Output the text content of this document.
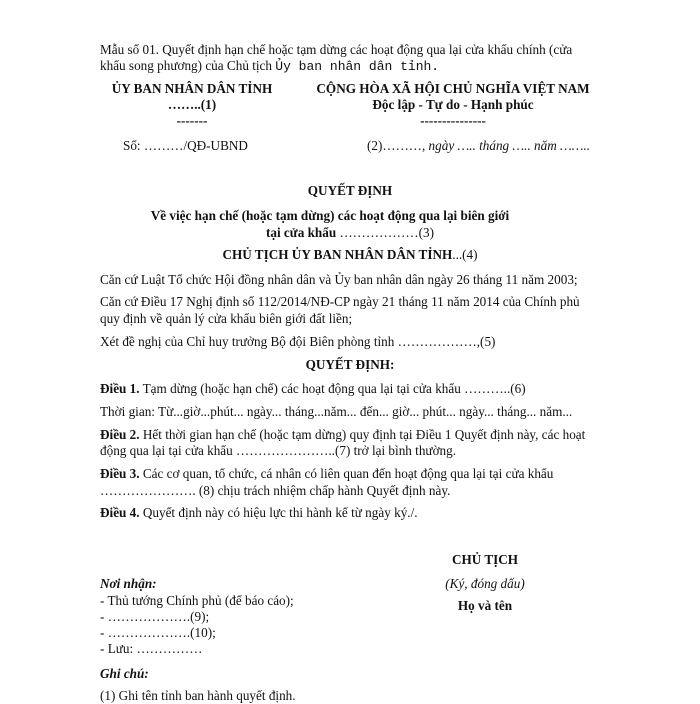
Mẫu số 01. Quyết định hạn chế hoặc tạm dừng các hoạt động qua lại cửa khẩu chính (cửa
khẩu song phương) của Chủ tịch Ủy ban nhân dân tỉnh.
ỦY BAN NHÂN DÂN TỈNH
……..(1)
-------
Số: ………/QĐ-UBND
CỘNG HÒA XÃ HỘI CHỦ NGHĨA VIỆT NAM
Độc lập - Tự do - Hạnh phúc
---------------
(2)………, ngày ….. tháng ….. năm ……..
QUYẾT ĐỊNH
Về việc hạn chế (hoặc tạm dừng) các hoạt động qua lại biên giới
tại cửa khẩu ………………(3)
CHỦ TỊCH ỦY BAN NHÂN DÂN TỈNH...(4)
Căn cứ Luật Tổ chức Hội đồng nhân dân và Ủy ban nhân dân ngày 26 tháng 11 năm 2003;
Căn cứ Điều 17 Nghị định số 112/2014/NĐ-CP ngày 21 tháng 11 năm 2014 của Chính phủ
quy định về quản lý cửa khẩu biên giới đất liền;
Xét đề nghị của Chỉ huy trưởng Bộ đội Biên phòng tỉnh ………………,(5)
QUYẾT ĐỊNH:
Điều 1. Tạm dừng (hoặc hạn chế) các hoạt động qua lại tại cửa khẩu ………..(6)
Thời gian: Từ...giờ...phút... ngày... tháng...năm... đến... giờ... phút... ngày... tháng... năm...
Điều 2. Hết thời gian hạn chế (hoặc tạm dừng) quy định tại Điều 1 Quyết định này, các hoạt
động qua lại tại cửa khẩu …………………..(7) trở lại bình thường.
Điều 3. Các cơ quan, tổ chức, cá nhân có liên quan đến hoạt động qua lại tại cửa khẩu
…………………. (8) chịu trách nhiệm chấp hành Quyết định này.
Điều 4. Quyết định này có hiệu lực thi hành kể từ ngày ký./.
CHỦ TỊCH
(Ký, đóng dấu)
Họ và tên
Nơi nhận:
- Thủ tướng Chính phủ (để báo cáo);
- ……………….(9);
- ……………….(10);
- Lưu: ……………
Ghi chú:
(1) Ghi tên tỉnh ban hành quyết định.
